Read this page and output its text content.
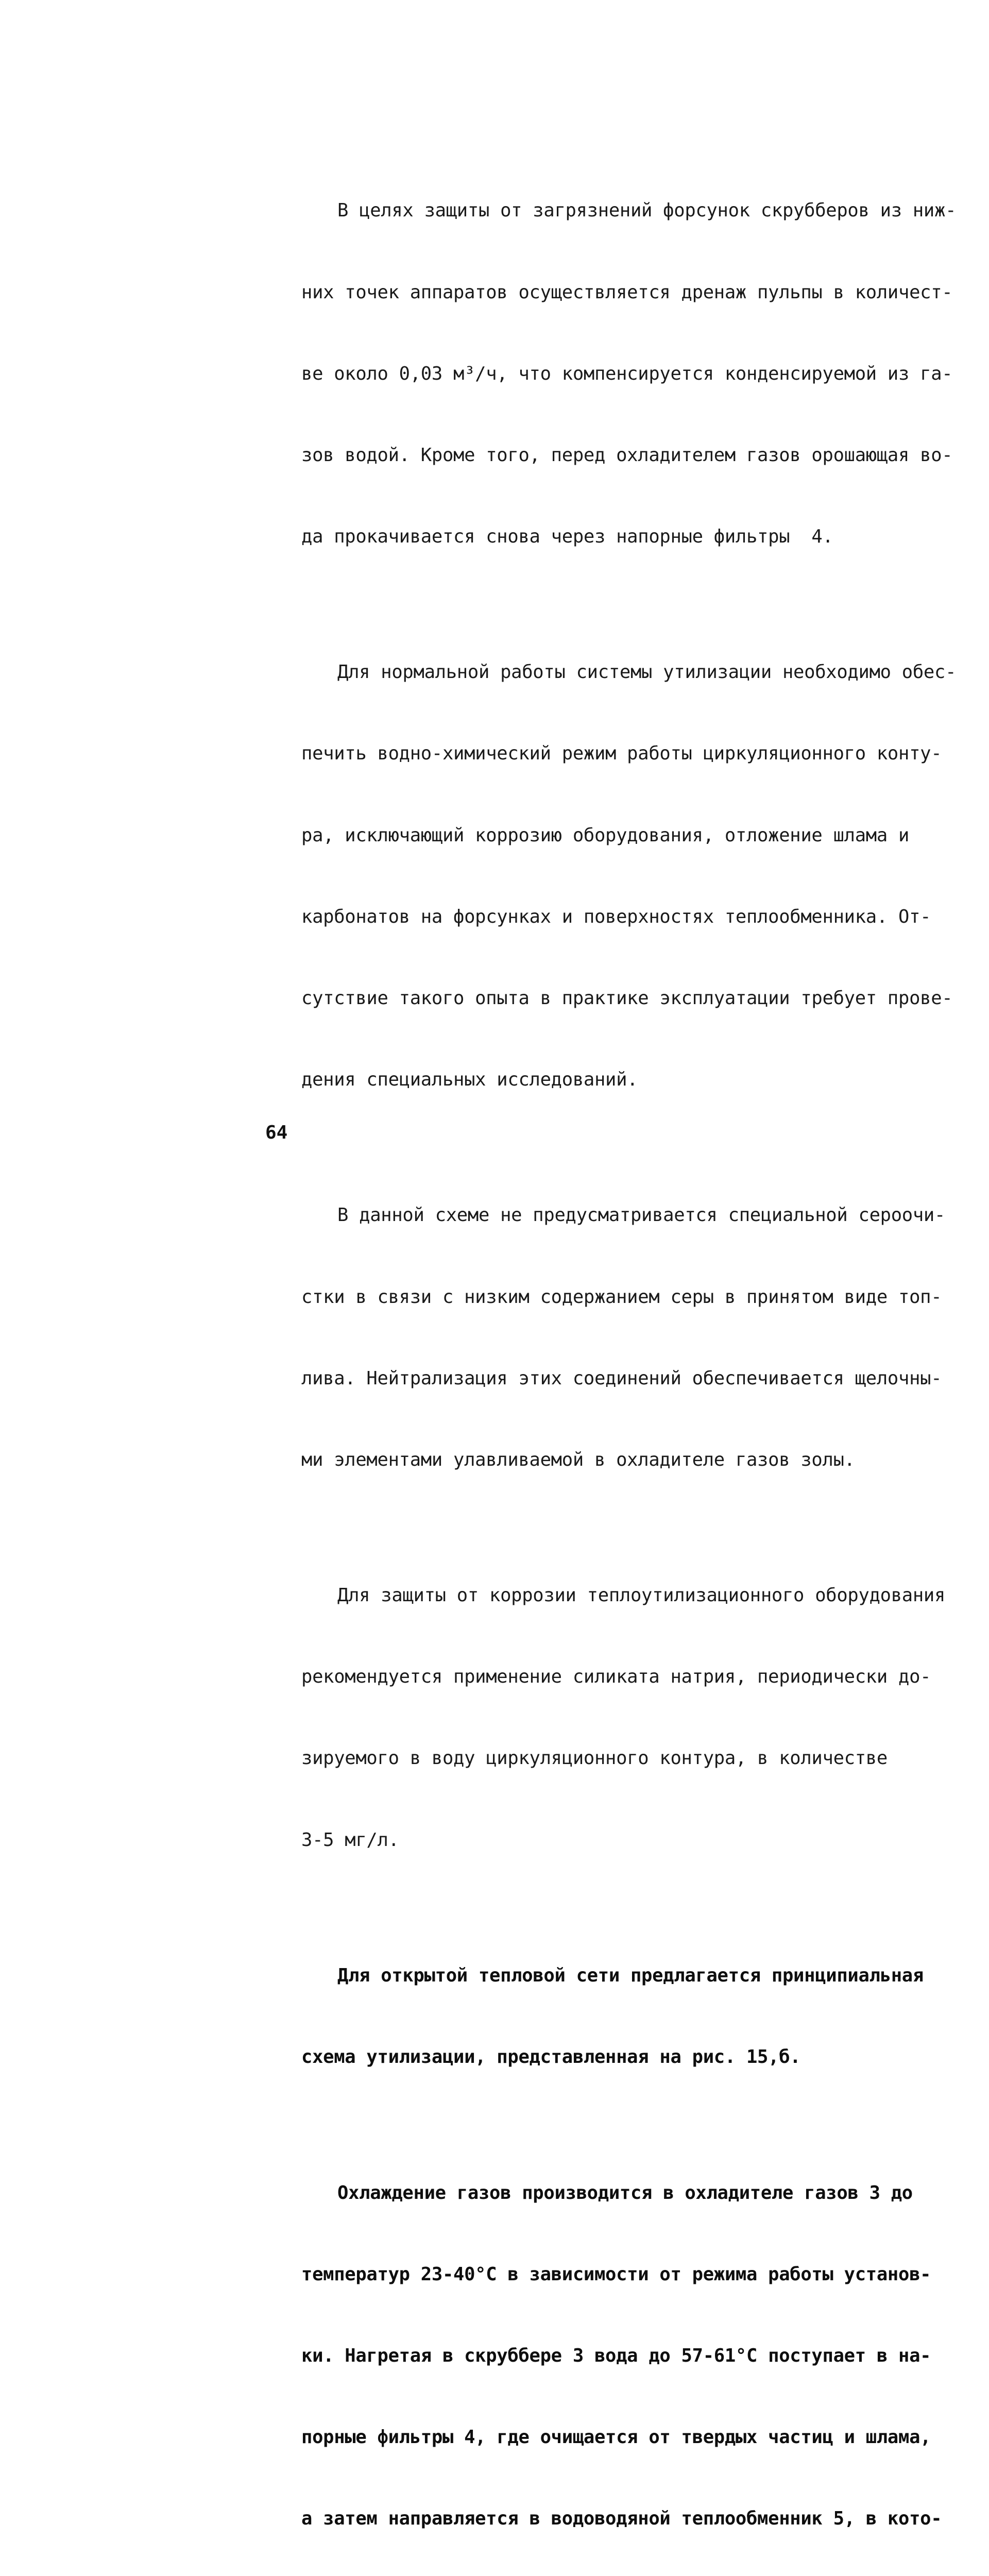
В целях защиты от загрязнений форсунок скрубберов из ниж-

них точек аппаратов осуществляется дренаж пульпы в количест-

ве около 0,03 м³/ч, что компенсируется конденсируемой из га-

зов водой. Кроме того, перед охладителем газов орошающая во-

да прокачивается снова через напорные фильтры  4.

Для нормальной работы системы утилизации необходимо обес-

печить водно-химический режим работы циркуляционного конту-

ра, исключающий коррозию оборудования, отложение шлама и

карбонатов на форсунках и поверхностях теплообменника. От-

сутствие такого опыта в практике эксплуатации требует прове-

дения специальных исследований.

В данной схеме не предусматривается специальной сероочи-

стки в связи с низким содержанием серы в принятом виде топ-

лива. Нейтрализация этих соединений обеспечивается щелочны-

ми элементами улавливаемой в охладителе газов золы.

Для защиты от коррозии теплоутилизационного оборудования

рекомендуется применение силиката натрия, периодически до-

зируемого в воду циркуляционного контура, в количестве

3-5 мг/л.

Для открытой тепловой сети предлагается принципиальная

схема утилизации, представленная на рис. 15,б.

Охлаждение газов производится в охладителе газов 3 до

температур 23-40°С в зависимости от режима работы установ-

ки. Нагретая в скруббере 3 вода до 57-61°С поступает в на-

порные фильтры 4, где очищается от твердых частиц и шлама,

а затем направляется в водоводяной теплообменник 5, в кото-

64
